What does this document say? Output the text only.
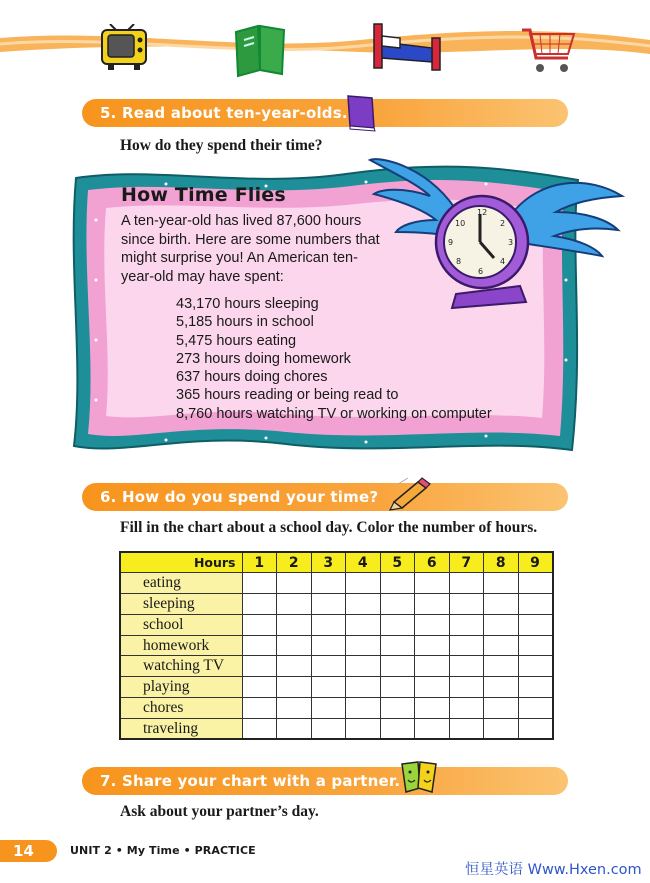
5. Read about ten-year-olds.
How do they spend their time?
How Time Flies
A ten-year-old has lived 87,600 hours since birth. Here are some numbers that might surprise you! An American ten-year-old may have spent:
43,170 hours sleeping
5,185 hours in school
5,475 hours eating
273 hours doing homework
637 hours doing chores
365 hours reading or being read to
8,760 hours watching TV or working on computer
12
2
3
4
6
8
9
10
6. How do you spend your time?
Fill in the chart about a school day. Color the number of hours.
Hours	1	2	3	4	5	6	7	8	9
eating									
sleeping									
school									
homework									
watching TV									
playing									
chores									
traveling									
7. Share your chart with a partner.
Ask about your partner’s day.
14	UNIT 2 • My Time • PRACTICE
恒星英语 Www.Hxen.com
